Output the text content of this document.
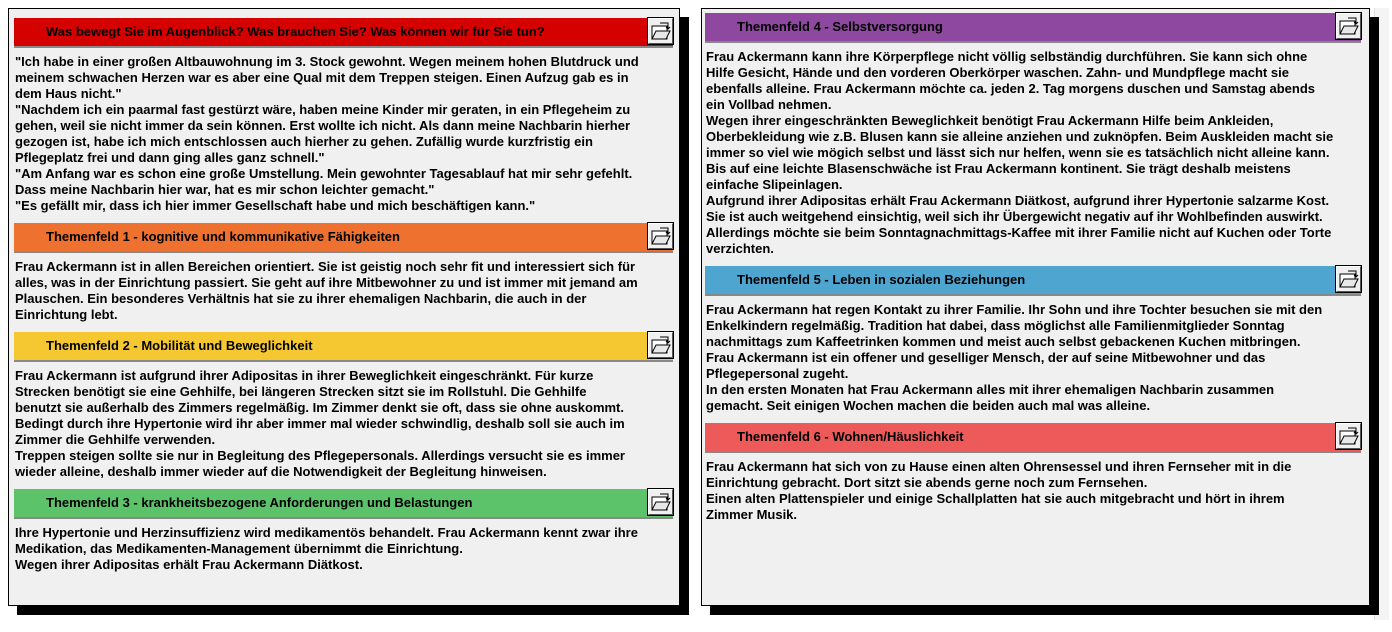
Was bewegt Sie im Augenblick? Was brauchen Sie? Was können wir für Sie tun?
"Ich habe in einer großen Altbauwohnung im 3. Stock gewohnt. Wegen meinem hohen Blutdruck und
meinem schwachen Herzen war es aber eine Qual mit dem Treppen steigen. Einen Aufzug gab es in
dem Haus nicht."
"Nachdem ich ein paarmal fast gestürzt wäre, haben meine Kinder mir geraten, in ein Pflegeheim zu
gehen, weil sie nicht immer da sein können. Erst wollte ich nicht. Als dann meine Nachbarin hierher
gezogen ist, habe ich mich entschlossen auch hierher zu gehen. Zufällig wurde kurzfristig ein
Pflegeplatz frei und dann ging alles ganz schnell."
"Am Anfang war es schon eine große Umstellung. Mein gewohnter Tagesablauf hat mir sehr gefehlt.
Dass meine Nachbarin hier war, hat es mir schon leichter gemacht."
"Es gefällt mir, dass ich hier immer Gesellschaft habe und mich beschäftigen kann."
Themenfeld 1 - kognitive und kommunikative Fähigkeiten
Frau Ackermann ist in allen Bereichen orientiert. Sie ist geistig noch sehr fit und interessiert sich für
alles, was in der Einrichtung passiert. Sie geht auf ihre Mitbewohner zu und ist immer mit jemand am
Plauschen. Ein besonderes Verhältnis hat sie zu ihrer ehemaligen Nachbarin, die auch in der
Einrichtung lebt.
Themenfeld 2 - Mobilität und Beweglichkeit
Frau Ackermann ist aufgrund ihrer Adipositas in ihrer Beweglichkeit eingeschränkt. Für kurze
Strecken benötigt sie eine Gehhilfe, bei längeren Strecken sitzt sie im Rollstuhl. Die Gehhilfe
benutzt sie außerhalb des Zimmers regelmäßig. Im Zimmer denkt sie oft, dass sie ohne auskommt.
Bedingt durch ihre Hypertonie wird ihr aber immer mal wieder schwindlig, deshalb soll sie auch im
Zimmer die Gehhilfe verwenden.
Treppen steigen sollte sie nur in Begleitung des Pflegepersonals. Allerdings versucht sie es immer
wieder alleine, deshalb immer wieder auf die Notwendigkeit der Begleitung hinweisen.
Themenfeld 3 - krankheitsbezogene Anforderungen und Belastungen
Ihre Hypertonie und Herzinsuffizienz wird medikamentös behandelt. Frau Ackermann kennt zwar ihre
Medikation, das Medikamenten-Management übernimmt die Einrichtung.
Wegen ihrer Adipositas erhält Frau Ackermann Diätkost.
Themenfeld 4 - Selbstversorgung
Frau Ackermann kann ihre Körperpflege nicht völlig selbständig durchführen. Sie kann sich ohne
Hilfe Gesicht, Hände und den vorderen Oberkörper waschen. Zahn- und Mundpflege macht sie
ebenfalls alleine. Frau Ackermann möchte ca. jeden 2. Tag morgens duschen und Samstag abends
ein Vollbad nehmen.
Wegen ihrer eingeschränkten Beweglichkeit benötigt Frau Ackermann Hilfe beim Ankleiden,
Oberbekleidung wie z.B. Blusen kann sie alleine anziehen und zuknöpfen. Beim Auskleiden macht sie
immer so viel wie mögich selbst und lässt sich nur helfen, wenn sie es tatsächlich nicht alleine kann.
Bis auf eine leichte Blasenschwäche ist Frau Ackermann kontinent. Sie trägt deshalb meistens
einfache Slipeinlagen.
Aufgrund ihrer Adipositas erhält Frau Ackermann Diätkost, aufgrund ihrer Hypertonie salzarme Kost.
Sie ist auch weitgehend einsichtig, weil sich ihr Übergewicht negativ auf ihr Wohlbefinden auswirkt.
Allerdings möchte sie beim Sonntagnachmittags-Kaffee mit ihrer Familie nicht auf Kuchen oder Torte
verzichten.
Themenfeld 5 - Leben in sozialen Beziehungen
Frau Ackermann hat regen Kontakt zu ihrer Familie. Ihr Sohn und ihre Tochter besuchen sie mit den
Enkelkindern regelmäßig. Tradition hat dabei, dass möglichst alle Familienmitglieder Sonntag
nachmittags zum Kaffeetrinken kommen und meist auch selbst gebackenen Kuchen mitbringen.
Frau Ackermann ist ein offener und geselliger Mensch, der auf seine Mitbewohner und das
Pflegepersonal zugeht.
In den ersten Monaten hat Frau Ackermann alles mit ihrer ehemaligen Nachbarin zusammen
gemacht. Seit einigen Wochen machen die beiden auch mal was alleine.
Themenfeld 6 - Wohnen/Häuslichkeit
Frau Ackermann hat sich von zu Hause einen alten Ohrensessel und ihren Fernseher mit in die
Einrichtung gebracht. Dort sitzt sie abends gerne noch zum Fernsehen.
Einen alten Plattenspieler und einige Schallplatten hat sie auch mitgebracht und hört in ihrem
Zimmer Musik.
